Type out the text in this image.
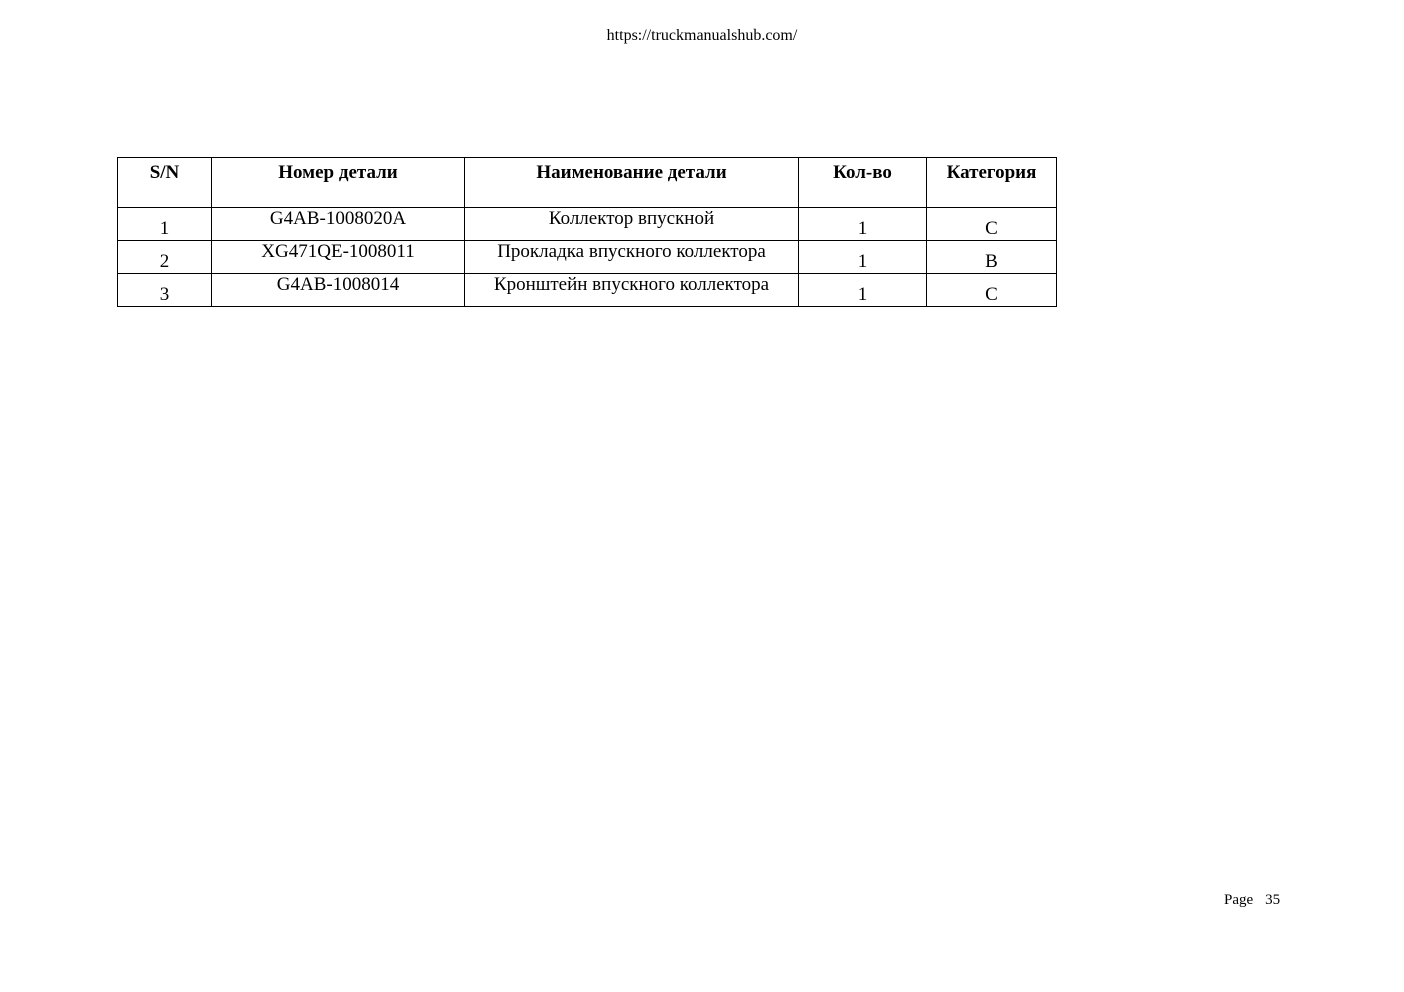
https://truckmanualshub.com/
S/N	Номер детали	Наименование детали	Кол-во	Категория
1	G4AB-1008020A	Коллектор впускной	1	C
2	XG471QE-1008011	Прокладка впускного коллектора	1	B
3	G4AB-1008014	Кронштейн впускного коллектора	1	C
Page 35
